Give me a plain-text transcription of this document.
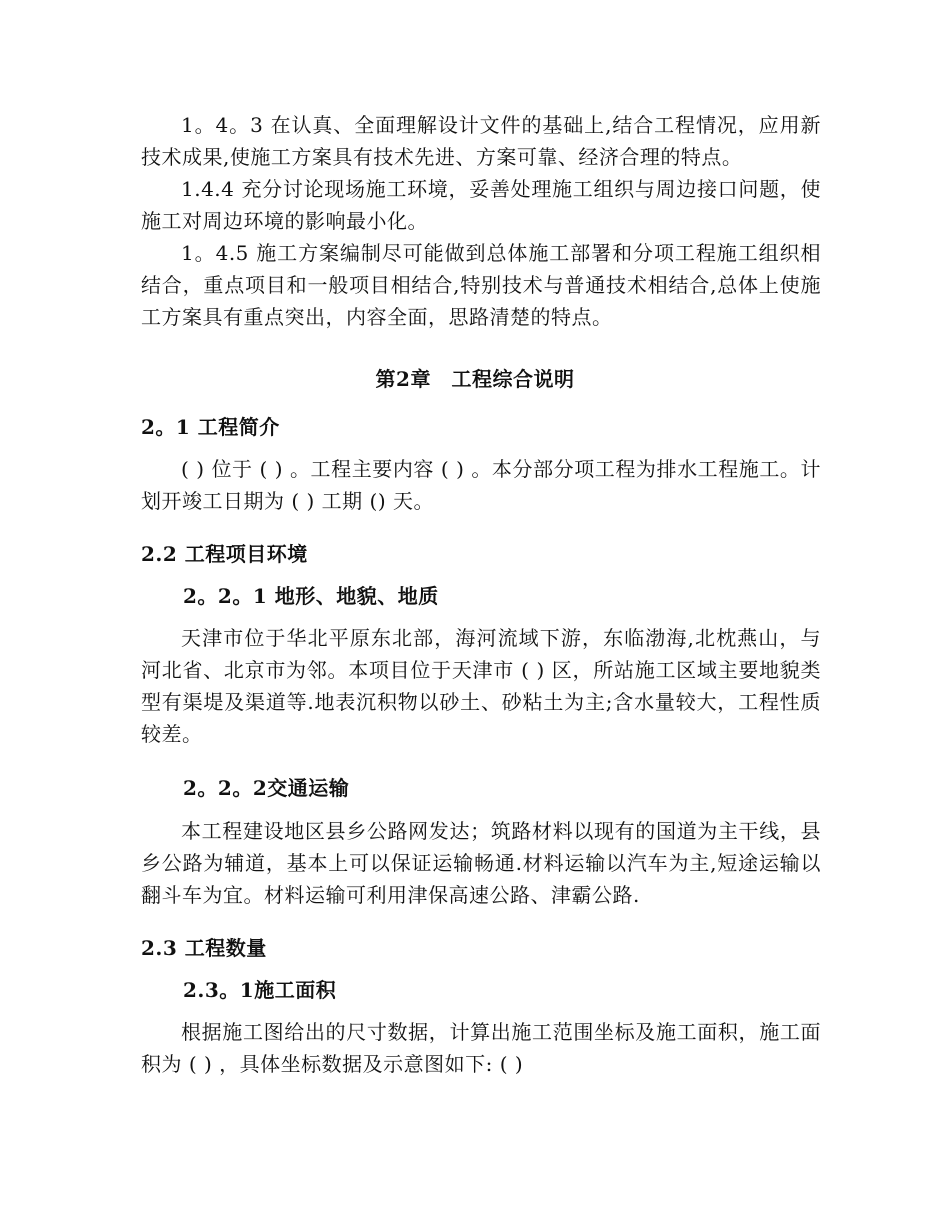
1。4。3 在认真、全面理解设计文件的基础上,结合工程情况，应用新技术成果,使施工方案具有技术先进、方案可靠、经济合理的特点。

1.4.4 充分讨论现场施工环境，妥善处理施工组织与周边接口问题，使施工对周边环境的影响最小化。

1。4.5 施工方案编制尽可能做到总体施工部署和分项工程施工组织相结合，重点项目和一般项目相结合,特别技术与普通技术相结合,总体上使施工方案具有重点突出，内容全面，思路清楚的特点。

第2章　工程综合说明
2。1 工程简介

( ) 位于 ( ) 。工程主要内容 ( ) 。本分部分项工程为排水工程施工。计划开竣工日期为 ( ) 工期 () 天。

2.2 工程项目环境
2。2。1 地形、地貌、地质

天津市位于华北平原东北部，海河流域下游，东临渤海,北枕燕山，与河北省、北京市为邻。本项目位于天津市 ( ) 区，所站施工区域主要地貌类型有渠堤及渠道等.地表沉积物以砂土、砂粘土为主;含水量较大，工程性质较差。

2。2。2交通运输

本工程建设地区县乡公路网发达；筑路材料以现有的国道为主干线，县乡公路为辅道，基本上可以保证运输畅通.材料运输以汽车为主,短途运输以翻斗车为宜。材料运输可利用津保高速公路、津霸公路.

2.3 工程数量
2.3。1施工面积

根据施工图给出的尺寸数据，计算出施工范围坐标及施工面积，施工面积为 ( ) ，具体坐标数据及示意图如下: ( )
